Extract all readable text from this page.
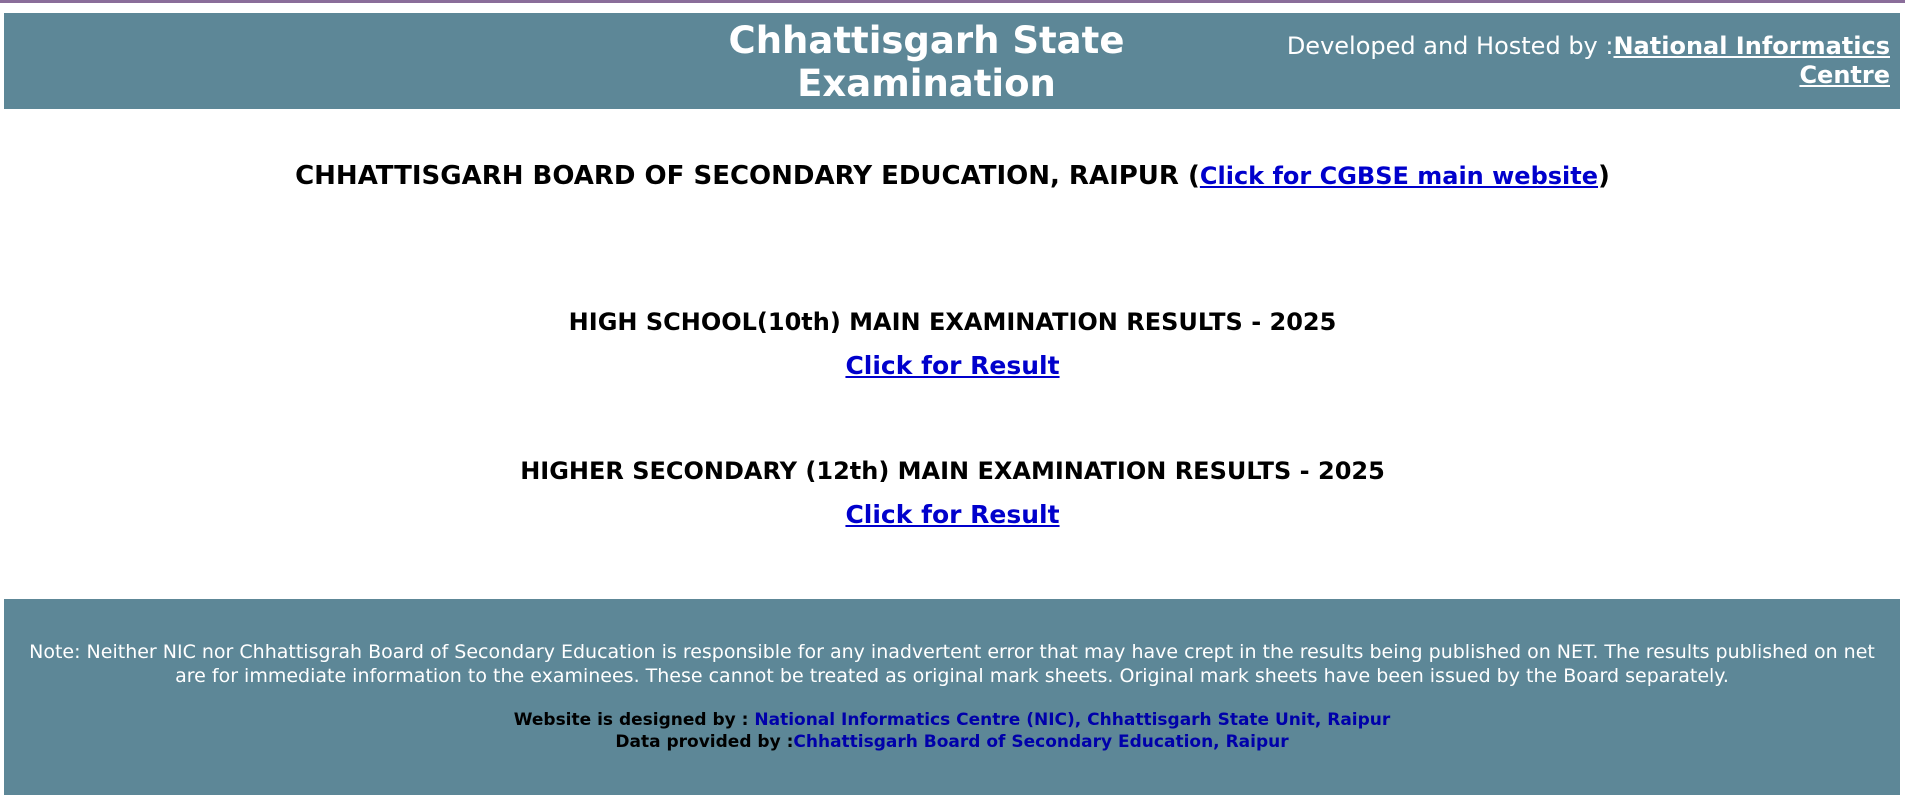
Chhattisgarh State Examination
Results
Developed and Hosted by :National Informatics Centre
CHHATTISGARH BOARD OF SECONDARY EDUCATION, RAIPUR (Click for CGBSE main website)
HIGH SCHOOL(10th) MAIN EXAMINATION RESULTS - 2025
Click for Result
HIGHER SECONDARY (12th) MAIN EXAMINATION RESULTS - 2025
Click for Result
Note: Neither NIC nor Chhattisgrah Board of Secondary Education is responsible for any inadvertent error that may have crept in the results being published on NET. The results published on net are for immediate information to the examinees. These cannot be treated as original mark sheets. Original mark sheets have been issued by the Board separately.
Website is designed by : National Informatics Centre (NIC), Chhattisgarh State Unit, Raipur
Data provided by :Chhattisgarh Board of Secondary Education, Raipur
